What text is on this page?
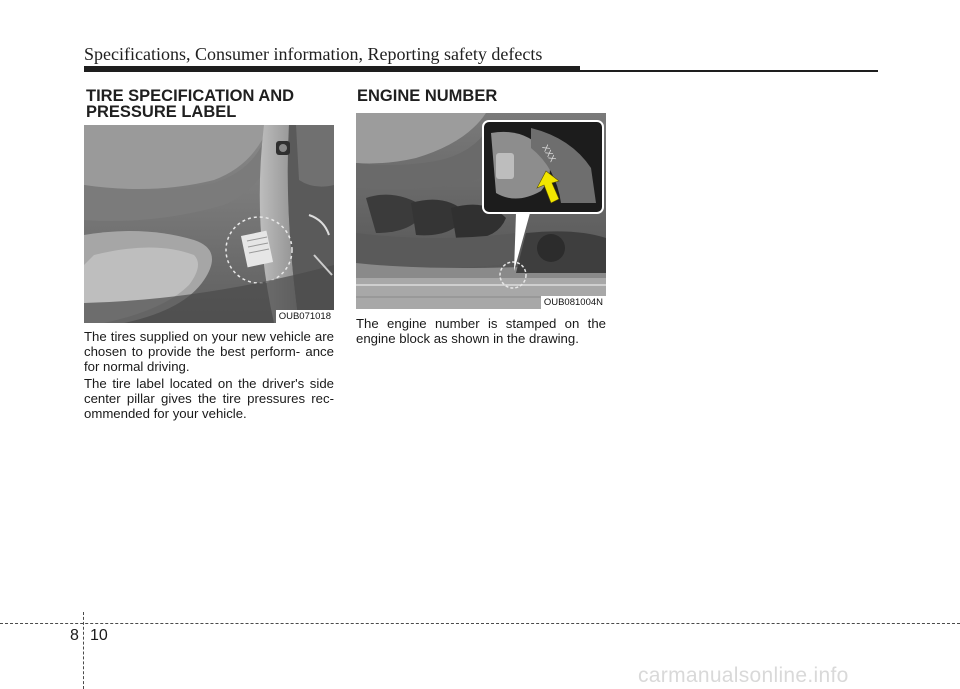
Specifications, Consumer information, Reporting safety defects
TIRE SPECIFICATION AND
PRESSURE LABEL
OUB071018

The tires supplied on your new vehicle are chosen to provide the best perform- ance for normal driving.

The tire label located on the driver's side center pillar gives the tire pressures rec- ommended for your vehicle.

ENGINE NUMBER
XXX
OUB081004N

The engine number is stamped on the engine block as shown in the drawing.

8 10
carmanualsonline.info
